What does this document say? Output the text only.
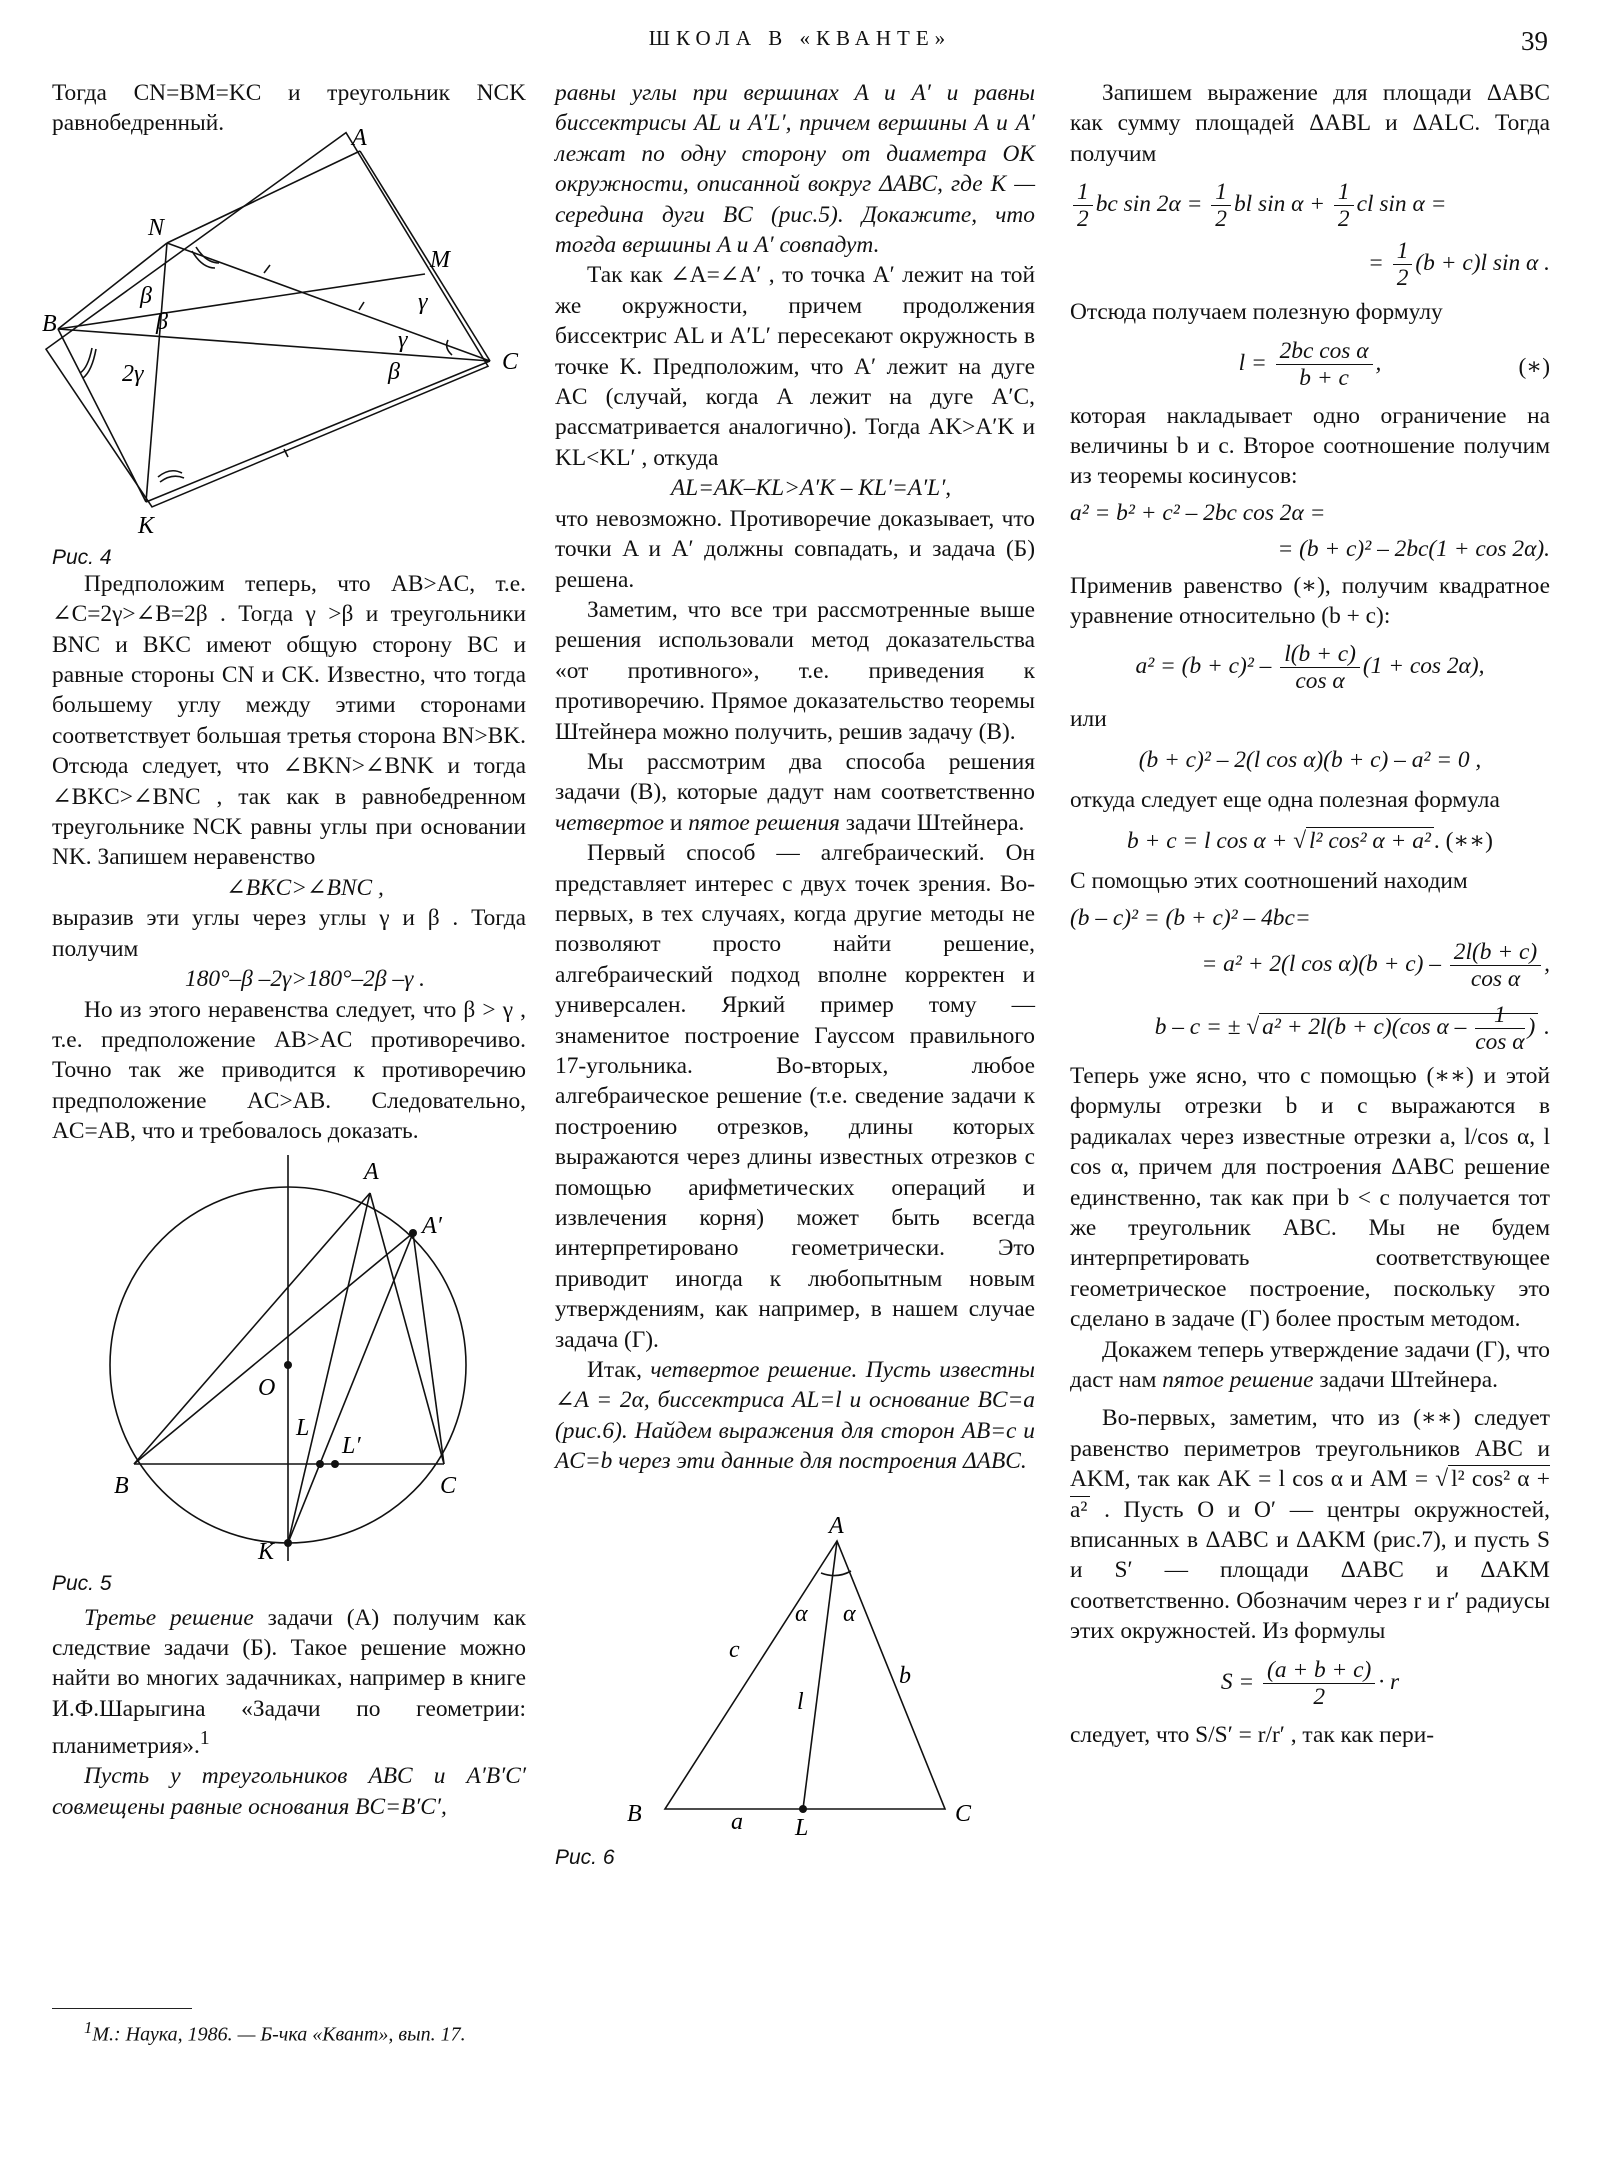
ШКОЛА В «КВАНТЕ»	39

Тогда CN=BM=KC и треугольник NCK равнобедренный.

A
N
M
B
C
K
β
β
β
γ
γ
2γ
Рис. 4

Предположим теперь, что AB>AC, т.е. ∠C=2γ>∠B=2β . Тогда γ >β и треугольники BNC и BKC имеют общую сторону BC и равные стороны CN и CK. Известно, что тогда большему углу между этими сторонами соответствует большая третья сторона BN>BK. Отсюда следует, что ∠BKN>∠BNK и тогда ∠BKC>∠BNC , так как в равнобедренном треугольнике NCK равны углы при основании NK. Запишем неравенство

∠BKC>∠BNC ,

выразив эти углы через углы γ и β . Тогда получим

180°–β –2γ>180°–2β –γ .

Но из этого неравенства следует, что β > γ , т.е. предположение AB>AC противоречиво. Точно так же приводится к противоречию предположение AC>AB. Следовательно, AC=AB, что и требовалось доказать.

A
A′
O
L
L′
B	C
K
Рис. 5

Третье решение задачи (А) получим как следствие задачи (Б). Такое решение можно найти во многих задачниках, например в книге И.Ф.Шарыгина «Задачи по геометрии: планиметрия».$^1$

Пусть у треугольников ABC и A′B′C′ совмещены равные основания BC=B′C′,

$^1$М.: Наука, 1986. — Б-чка «Квант», вып. 17.

равны углы при вершинах A и A′ и равны биссектрисы AL и A′L′, причем вершины A и A′ лежат по одну сторону от диаметра OK окружности, описанной вокруг ΔABC, где K — середина дуги BC (рис.5). Докажите, что тогда вершины A и A′ совпадут.

Так как ∠A=∠A′ , то точка A′ лежит на той же окружности, причем продолжения биссектрис AL и A′L′ пересекают окружность в точке K. Предположим, что A′ лежит на дуге AC (случай, когда A лежит на дуге A′C, рассматривается аналогично). Тогда AK>A′K и KL<KL′ , откуда

AL=AK–KL>A′K – KL′=A′L′,

что невозможно. Противоречие доказывает, что точки A и A′ должны совпадать, и задача (Б) решена.

Заметим, что все три рассмотренные выше решения использовали метод доказательства «от противного», т.е. приведения к противоречию. Прямое доказательство теоремы Штейнера можно получить, решив задачу (В).

Мы рассмотрим два способа решения задачи (В), которые дадут нам соответственно четвертое и пятое решения задачи Штейнера.

Первый способ — алгебраический. Он представляет интерес с двух точек зрения. Во-первых, в тех случаях, когда другие методы не позволяют просто найти решение, алгебраический подход вполне корректен и универсален. Яркий пример тому — знаменитое построение Гауссом правильного 17-угольника. Во-вторых, любое алгебраическое решение (т.е. сведение задачи к построению отрезков, длины которых выражаются через длины известных отрезков с помощью арифметических операций и извлечения корня) может быть всегда интерпретировано геометрически. Это приводит иногда к любопытным новым утверждениям, как например, в нашем случае задача (Г).

Итак, четвертое решение. Пусть известны ∠A = 2α, биссектриса AL=l и основание BC=a (рис.6). Найдем выражения для сторон AB=c и AC=b через эти данные для построения ΔABC.

A
B	C
L
a
b
c
l
α α
Рис. 6

Запишем выражение для площади ΔABC как сумму площадей ΔABL и ΔALC. Тогда получим

$\frac{1}{2}$ bc $\sin 2\alpha = \frac{1}{2}$ bl $\sin \alpha + \frac{1}{2}$ cl sin α =
= $\frac{1}{2} (b + c)l$ sin α .

Отсюда получаем полезную формулу

$l = \frac{\text{2bc cos α}}{b + c}$ ,	(∗)

которая накладывает одно ограничение на величины b и c. Второе соотношение получим из теоремы косинусов:

a² = b² + c² – 2bc cos 2α =
= (b + c)² – 2bc(1 + cos 2α).

Применив равенство (∗), получим квадратное уравнение относительно (b + c):

$a^2 = (b + c)^2 - \frac{l(b + c)}{\text{cos α}} (1 + \cos 2\alpha)$,

или

(b + c)² – 2(l cos α)(b + c) – a² = 0 ,

откуда следует еще одна полезная формула

b + c = l cos α + √ l² cos² α + a² . (∗∗)

С помощью этих соотношений находим

(b – c)² = (b + c)² – 4bc=
= a² + 2(l $\cos \alpha)(b + c) - \frac{2l(b + c)}{\text{cos α}}$ ,
b – c = ± √ a² + 2l(b + c)(cos α – $\frac{1}{\text{cos α}}$ ) .

Теперь уже ясно, что с помощью (∗∗) и этой формулы отрезки b и c выражаются в радикалах через известные отрезки a, l/cos α, l cos α, причем для построения ΔABC решение единственно, так как при b < c получается тот же треугольник ABC. Мы не будем интерпретировать соответствующее геометрическое построение, поскольку это сделано в задаче (Г) более простым методом.

Докажем теперь утверждение задачи (Г), что даст нам пятое решение задачи Штейнера.

Во-первых, заметим, что из (∗∗) следует равенство периметров треугольников ABC и AKM, так как AK = l cos α и AM = √ l² cos² α + a² . Пусть O и O′ — центры окружностей, вписанных в ΔABC и ΔAKM (рис.7), и пусть S и S′ — площади ΔABC и ΔAKM соответственно. Обозначим через r и r′ радиусы этих окружностей. Из формулы

$S = \frac{(a + b + c)}{2} \cdot r$

следует, что S/S′ = r/r′ , так как пери-
